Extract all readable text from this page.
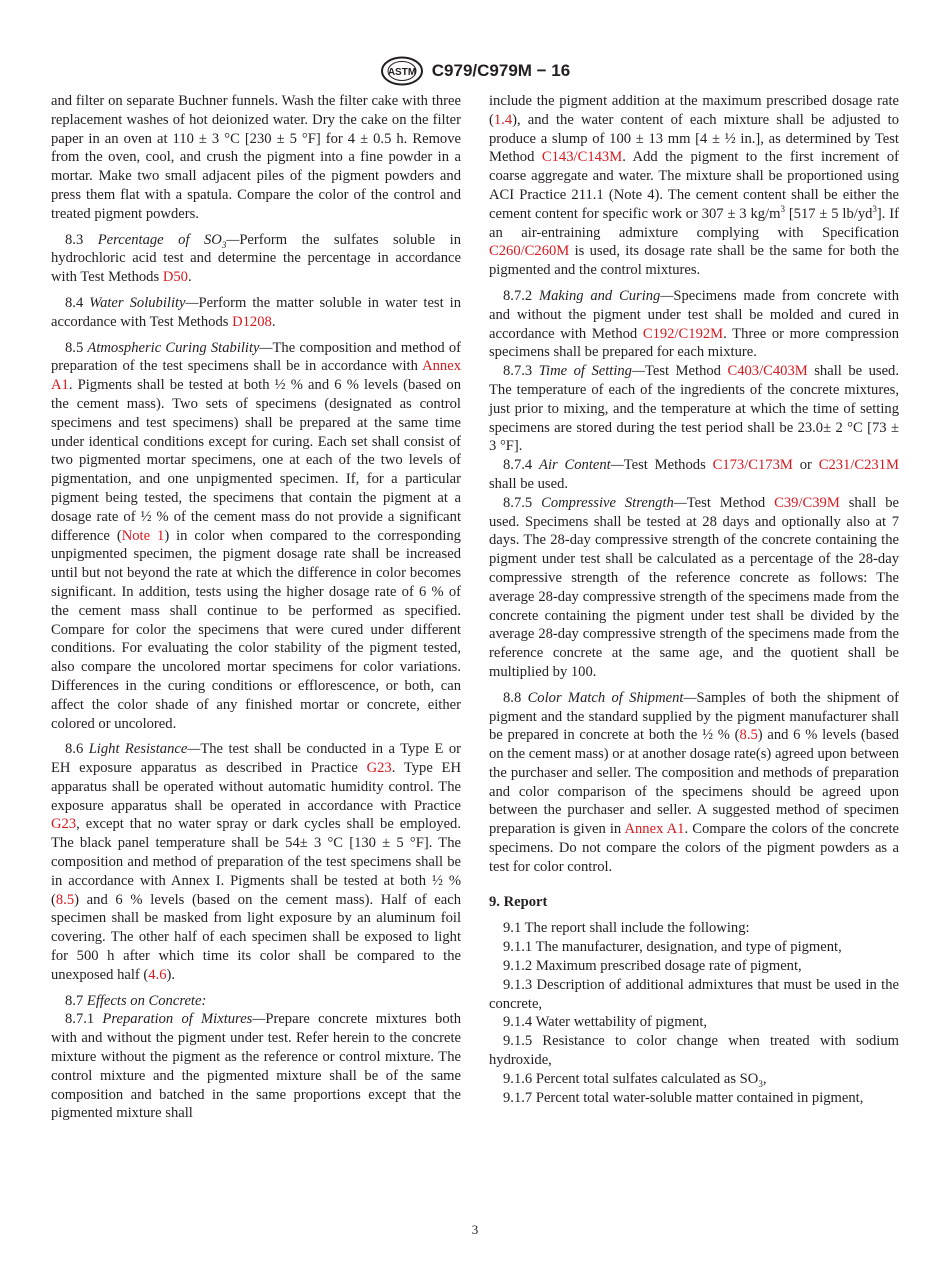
ASTM C979/C979M − 16

and filter on separate Buchner funnels. Wash the filter cake with three replacement washes of hot deionized water. Dry the cake on the filter paper in an oven at 110 ± 3 °C [230 ± 5 °F] for 4 ± 0.5 h. Remove from the oven, cool, and crush the pigment into a fine powder in a mortar. Make two small adjacent piles of the pigment powders and press them flat with a spatula. Compare the color of the control and treated pigment powders.

8.3 Percentage of $SO_3—Perform$ the sulfates soluble in hydrochloric acid test and determine the percentage in accordance with Test Methods D50.

8.4 Water Solubility—Perform the matter soluble in water test in accordance with Test Methods D1208.

8.5 Atmospheric Curing Stability—The composition and method of preparation of the test specimens shall be in accordance with Annex A1. Pigments shall be tested at both ½ % and 6 % levels (based on the cement mass). Two sets of specimens (designated as control specimens and test specimens) shall be prepared at the same time under identical conditions except for curing. Each set shall consist of two pigmented mortar specimens, one at each of the two levels of pigmentation, and one unpigmented specimen. If, for a particular pigment being tested, the specimens that contain the pigment at a dosage rate of ½ % of the cement mass do not provide a significant difference (Note 1) in color when compared to the corresponding unpigmented specimen, the pigment dosage rate shall be increased until but not beyond the rate at which the difference in color becomes significant. In addition, tests using the higher dosage rate of 6 % of the cement mass shall continue to be performed as specified. Compare for color the specimens that were cured under different conditions. For evaluating the color stability of the pigment tested, also compare the uncolored mortar specimens for color variations. Differences in the curing conditions or efflorescence, or both, can affect the color shade of any finished mortar or concrete, either colored or uncolored.

8.6 Light Resistance—The test shall be conducted in a Type E or EH exposure apparatus as described in Practice G23. Type EH apparatus shall be operated without automatic humidity control. The exposure apparatus shall be operated in accordance with Practice G23, except that no water spray or dark cycles shall be employed. The black panel temperature shall be 54± 3 °C [130 ± 5 °F]. The composition and method of preparation of the test specimens shall be in accordance with Annex I. Pigments shall be tested at both ½ % (8.5) and 6 % levels (based on the cement mass). Half of each specimen shall be masked from light exposure by an aluminum foil covering. The other half of each specimen shall be exposed to light for 500 h after which time its color shall be compared to the unexposed half (4.6).

8.7 Effects on Concrete:

8.7.1 Preparation of Mixtures—Prepare concrete mixtures both with and without the pigment under test. Refer herein to the concrete mixture without the pigment as the reference or control mixture. The control mixture and the pigmented mixture shall be of the same composition and batched in the same proportions except that the pigmented mixture shall

include the pigment addition at the maximum prescribed dosage rate (1.4), and the water content of each mixture shall be adjusted to produce a slump of 100 ± 13 mm [4 ± ½ in.], as determined by Test Method C143/C143M. Add the pigment to the first increment of coarse aggregate and water. The mixture shall be proportioned using ACI Practice 211.1 (Note 4). The cement content shall be either the cement content for specific work or 307 ± 3 $kg/m^3$ [517 ± 5 $lb/yd^3$]. If an air-entraining admixture complying with Specification C260/C260M is used, its dosage rate shall be the same for both the pigmented and the control mixtures.

8.7.2 Making and Curing—Specimens made from concrete with and without the pigment under test shall be molded and cured in accordance with Method C192/C192M. Three or more compression specimens shall be prepared for each mixture.

8.7.3 Time of Setting—Test Method C403/C403M shall be used. The temperature of each of the ingredients of the concrete mixtures, just prior to mixing, and the temperature at which the time of setting specimens are stored during the test period shall be 23.0± 2 °C [73 ± 3 °F].

8.7.4 Air Content—Test Methods C173/C173M or C231/C231M shall be used.

8.7.5 Compressive Strength—Test Method C39/C39M shall be used. Specimens shall be tested at 28 days and optionally also at 7 days. The 28-day compressive strength of the concrete containing the pigment under test shall be calculated as a percentage of the 28-day compressive strength of the reference concrete as follows: The average 28-day compressive strength of the specimens made from the concrete containing the pigment under test shall be divided by the average 28-day compressive strength of the specimens made from the reference concrete at the same age, and the quotient shall be multiplied by 100.

8.8 Color Match of Shipment—Samples of both the shipment of pigment and the standard supplied by the pigment manufacturer shall be prepared in concrete at both the ½ % (8.5) and 6 % levels (based on the cement mass) or at another dosage rate(s) agreed upon between the purchaser and seller. The composition and methods of preparation and color comparison of the specimens should be agreed upon between the purchaser and seller. A suggested method of specimen preparation is given in Annex A1. Compare the colors of the concrete specimens. Do not compare the colors of the pigment powders as a test for color control.

9. Report

9.1 The report shall include the following:

9.1.1 The manufacturer, designation, and type of pigment,

9.1.2 Maximum prescribed dosage rate of pigment,

9.1.3 Description of additional admixtures that must be used in the concrete,

9.1.4 Water wettability of pigment,

9.1.5 Resistance to color change when treated with sodium hydroxide,

9.1.6 Percent total sulfates calculated as $SO_3$,

9.1.7 Percent total water-soluble matter contained in pigment,

3
